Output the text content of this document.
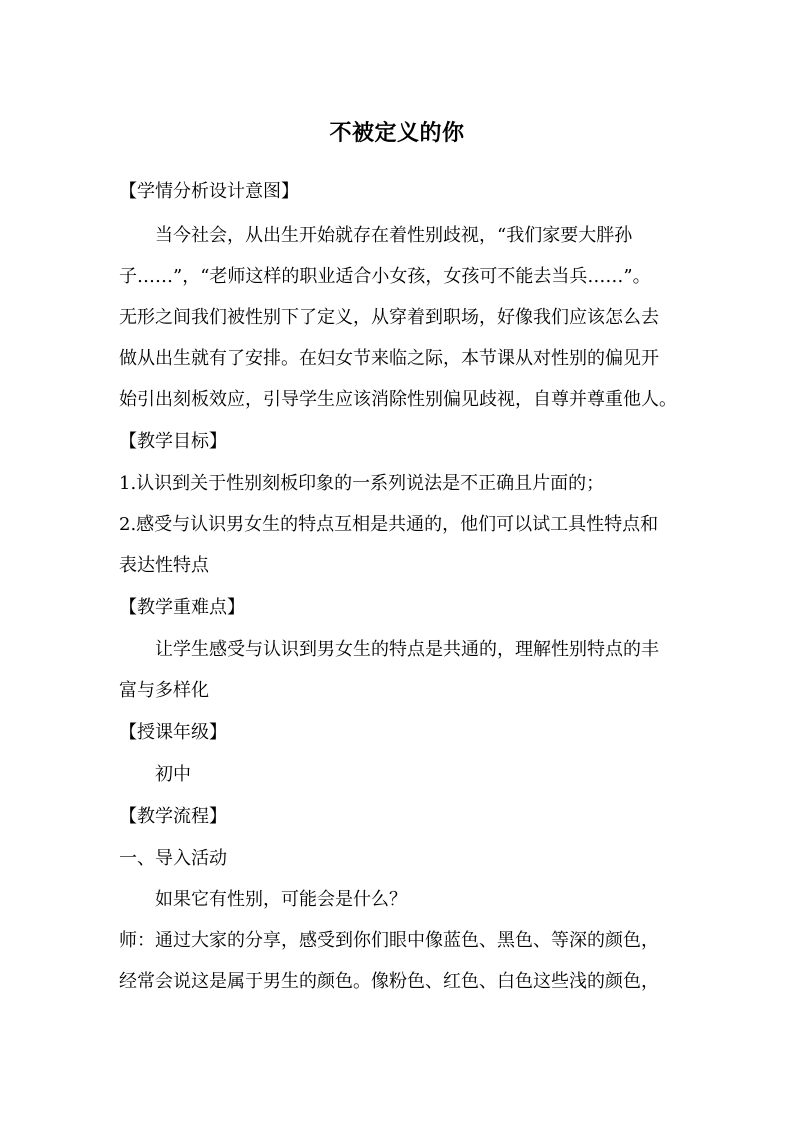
不被定义的你
【学情分析设计意图】
当今社会，从出生开始就存在着性别歧视，“我们家要大胖孙
子……”，“老师这样的职业适合小女孩，女孩可不能去当兵……”。
无形之间我们被性别下了定义，从穿着到职场，好像我们应该怎么去
做从出生就有了安排。在妇女节来临之际，本节课从对性别的偏见开
始引出刻板效应，引导学生应该消除性别偏见歧视，自尊并尊重他人。
【教学目标】
1.认识到关于性别刻板印象的一系列说法是不正确且片面的；
2.感受与认识男女生的特点互相是共通的，他们可以试工具性特点和
表达性特点
【教学重难点】
让学生感受与认识到男女生的特点是共通的，理解性别特点的丰
富与多样化
【授课年级】
初中
【教学流程】
一、导入活动
如果它有性别，可能会是什么？
师：通过大家的分享，感受到你们眼中像蓝色、黑色、等深的颜色，
经常会说这是属于男生的颜色。像粉色、红色、白色这些浅的颜色，
